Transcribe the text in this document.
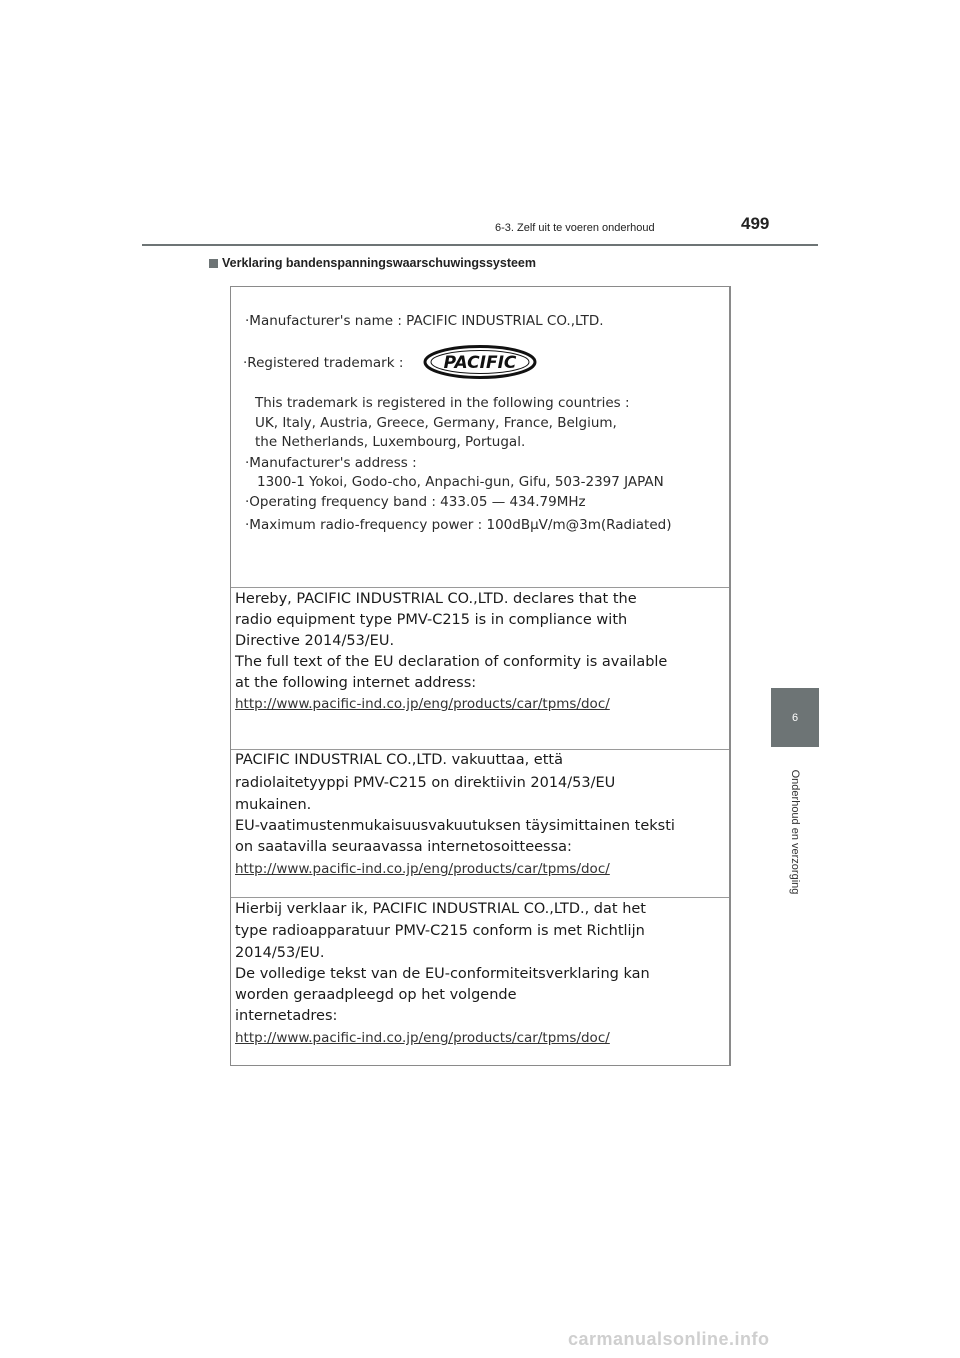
6-3. Zelf uit te voeren onderhoud	499
6
Onderhoud en verzorging
Verklaring bandenspanningswaarschuwingssysteem
·Manufacturer's name : PACIFIC INDUSTRIAL CO.,LTD.
·Registered trademark : PACIFIC
This trademark is registered in the following countries :
UK, Italy, Austria, Greece, Germany, France, Belgium,
the Netherlands, Luxembourg, Portugal.
·Manufacturer's address :
1300-1 Yokoi, Godo-cho, Anpachi-gun, Gifu, 503-2397 JAPAN
·Operating frequency band : 433.05 — 434.79MHz
·Maximum radio-frequency power : 100dBμV/m@3m(Radiated)
Hereby, PACIFIC INDUSTRIAL CO.,LTD. declares that the
radio equipment type PMV-C215 is in compliance with
Directive 2014/53/EU.
The full text of the EU declaration of conformity is available
at the following internet address:
http://www.pacific-ind.co.jp/eng/products/car/tpms/doc/
PACIFIC INDUSTRIAL CO.,LTD. vakuuttaa, että
radiolaitetyyppi PMV-C215 on direktiivin 2014/53/EU
mukainen.
EU-vaatimustenmukaisuusvakuutuksen täysimittainen teksti
on saatavilla seuraavassa internetosoitteessa:
http://www.pacific-ind.co.jp/eng/products/car/tpms/doc/
Hierbij verklaar ik, PACIFIC INDUSTRIAL CO.,LTD., dat het
type radioapparatuur PMV-C215 conform is met Richtlijn
2014/53/EU.
De volledige tekst van de EU-conformiteitsverklaring kan
worden geraadpleegd op het volgende
internetadres:
http://www.pacific-ind.co.jp/eng/products/car/tpms/doc/
carmanualsonline.info
